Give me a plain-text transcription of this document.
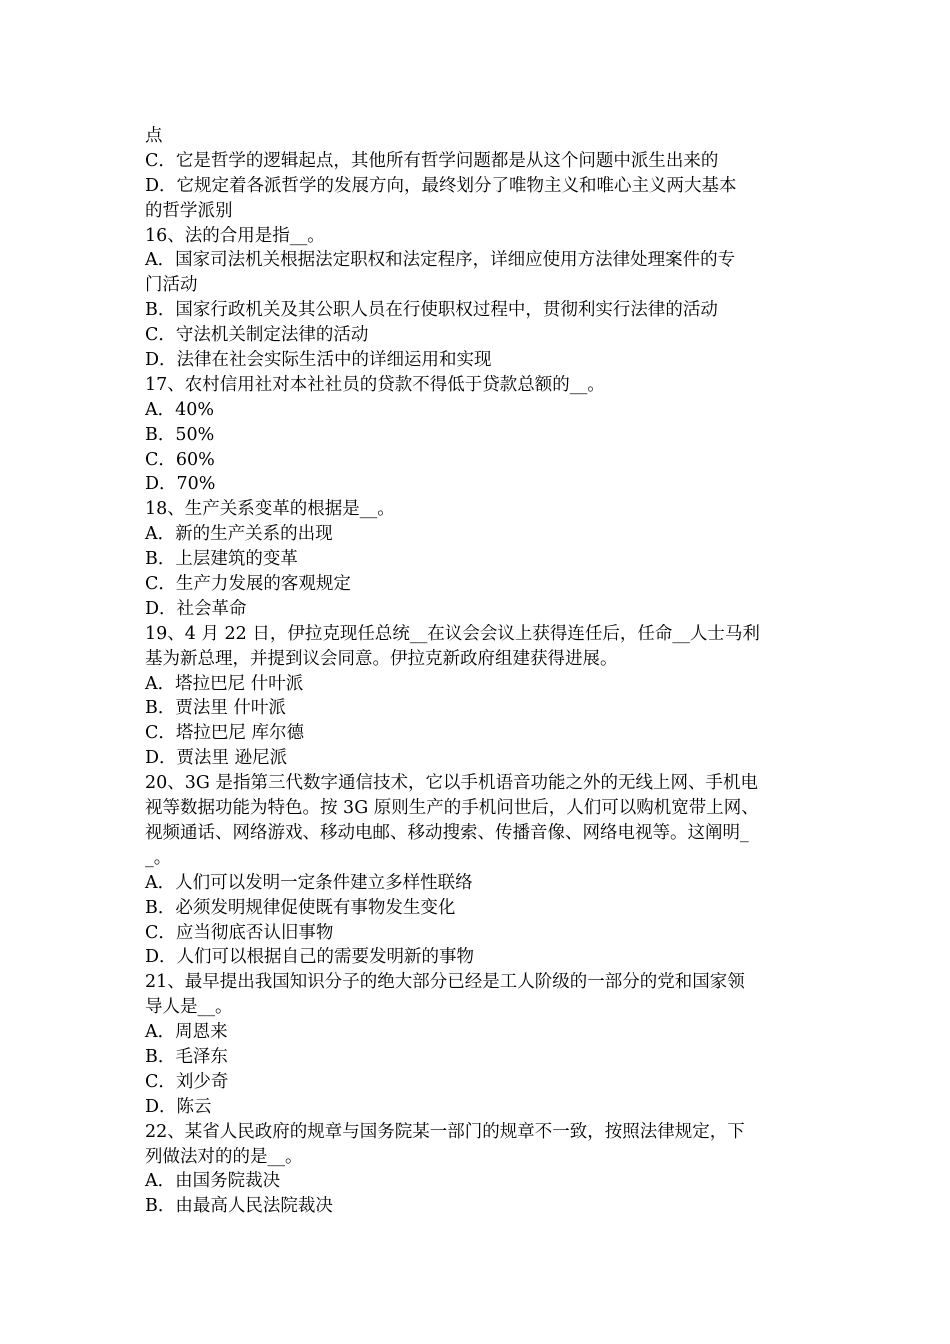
点
C．它是哲学的逻辑起点，其他所有哲学问题都是从这个问题中派生出来的
D．它规定着各派哲学的发展方向，最终划分了唯物主义和唯心主义两大基本
的哲学派别
16、法的合用是指__。
A．国家司法机关根据法定职权和法定程序，详细应使用方法律处理案件的专
门活动
B．国家行政机关及其公职人员在行使职权过程中，贯彻利实行法律的活动
C．守法机关制定法律的活动
D．法律在社会实际生活中的详细运用和实现
17、农村信用社对本社社员的贷款不得低于贷款总额的__。
A．40%
B．50%
C．60%
D．70%
18、生产关系变革的根据是__。
A．新的生产关系的出现
B．上层建筑的变革
C．生产力发展的客观规定
D．社会革命
19、4 月 22 日，伊拉克现任总统__在议会会议上获得连任后，任命__人士马利
基为新总理，并提到议会同意。伊拉克新政府组建获得进展。
A．塔拉巴尼 什叶派
B．贾法里 什叶派
C．塔拉巴尼 库尔德
D．贾法里 逊尼派
20、3G 是指第三代数字通信技术，它以手机语音功能之外的无线上网、手机电
视等数据功能为特色。按 3G 原则生产的手机问世后，人们可以购机宽带上网、
视频通话、网络游戏、移动电邮、移动搜索、传播音像、网络电视等。这阐明_
_。
A．人们可以发明一定条件建立多样性联络
B．必须发明规律促使既有事物发生变化
C．应当彻底否认旧事物
D．人们可以根据自己的需要发明新的事物
21、最早提出我国知识分子的绝大部分已经是工人阶级的一部分的党和国家领
导人是__。
A．周恩来
B．毛泽东
C．刘少奇
D．陈云
22、某省人民政府的规章与国务院某一部门的规章不一致，按照法律规定，下
列做法对的的是__。
A．由国务院裁决
B．由最高人民法院裁决
